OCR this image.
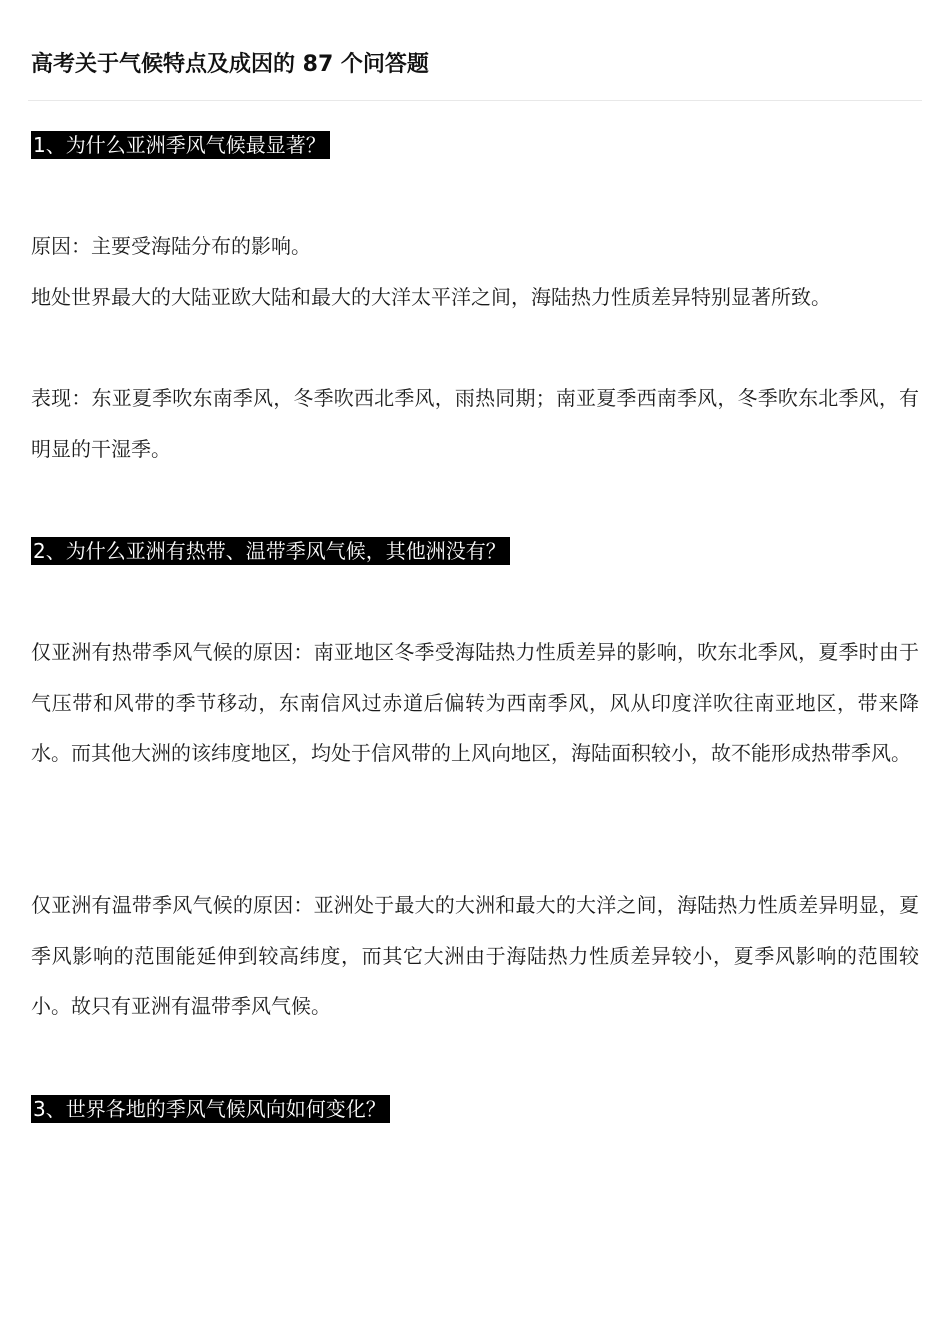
高考关于气候特点及成因的 87 个问答题
1、为什么亚洲季风气候最显著？
原因：主要受海陆分布的影响。
地处世界最大的大陆亚欧大陆和最大的大洋太平洋之间，海陆热力性质差异特别显著所致。
表现：东亚夏季吹东南季风，冬季吹西北季风，雨热同期；南亚夏季西南季风，冬季吹东北季风，有明显的干湿季。
2、为什么亚洲有热带、温带季风气候，其他洲没有？
仅亚洲有热带季风气候的原因：南亚地区冬季受海陆热力性质差异的影响，吹东北季风，夏季时由于气压带和风带的季节移动，东南信风过赤道后偏转为西南季风，风从印度洋吹往南亚地区，带来降水。而其他大洲的该纬度地区，均处于信风带的上风向地区，海陆面积较小，故不能形成热带季风。
仅亚洲有温带季风气候的原因：亚洲处于最大的大洲和最大的大洋之间，海陆热力性质差异明显，夏季风影响的范围能延伸到较高纬度，而其它大洲由于海陆热力性质差异较小，夏季风影响的范围较小。故只有亚洲有温带季风气候。
3、世界各地的季风气候风向如何变化？
